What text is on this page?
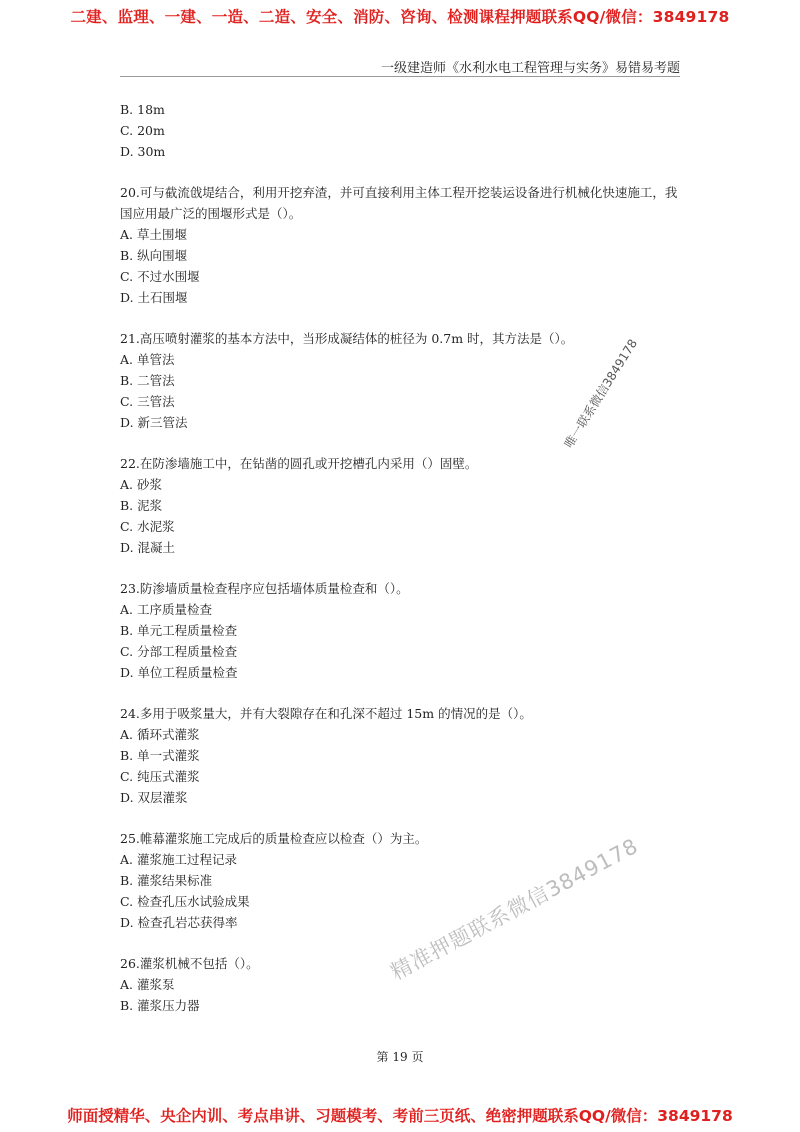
二建、监理、一建、一造、二造、安全、消防、咨询、检测课程押题联系QQ/微信：3849178
一级建造师《水利水电工程管理与实务》易错易考题
B. 18m
C. 20m
D. 30m
20.可与截流戗堤结合，利用开挖弃渣，并可直接利用主体工程开挖装运设备进行机械化快速施工，我国应用最广泛的围堰形式是（）。
A. 草土围堰
B. 纵向围堰
C. 不过水围堰
D. 土石围堰
21.高压喷射灌浆的基本方法中，当形成凝结体的桩径为 0.7m 时，其方法是（）。
A. 单管法
B. 二管法
C. 三管法
D. 新三管法
22.在防渗墙施工中，在钻凿的圆孔或开挖槽孔内采用（）固壁。
A. 砂浆
B. 泥浆
C. 水泥浆
D. 混凝土
23.防渗墙质量检查程序应包括墙体质量检查和（）。
A. 工序质量检查
B. 单元工程质量检查
C. 分部工程质量检查
D. 单位工程质量检查
24.多用于吸浆量大，并有大裂隙存在和孔深不超过 15m 的情况的是（）。
A. 循环式灌浆
B. 单一式灌浆
C. 纯压式灌浆
D. 双层灌浆
25.帷幕灌浆施工完成后的质量检查应以检查（）为主。
A. 灌浆施工过程记录
B. 灌浆结果标准
C. 检查孔压水试验成果
D. 检查孔岩芯获得率
26.灌浆机械不包括（）。
A. 灌浆泵
B. 灌浆压力器
唯一联系微信3849178
精准押题联系微信3849178
第 19 页
师面授精华、央企内训、考点串讲、习题模考、考前三页纸、绝密押题联系QQ/微信：3849178
